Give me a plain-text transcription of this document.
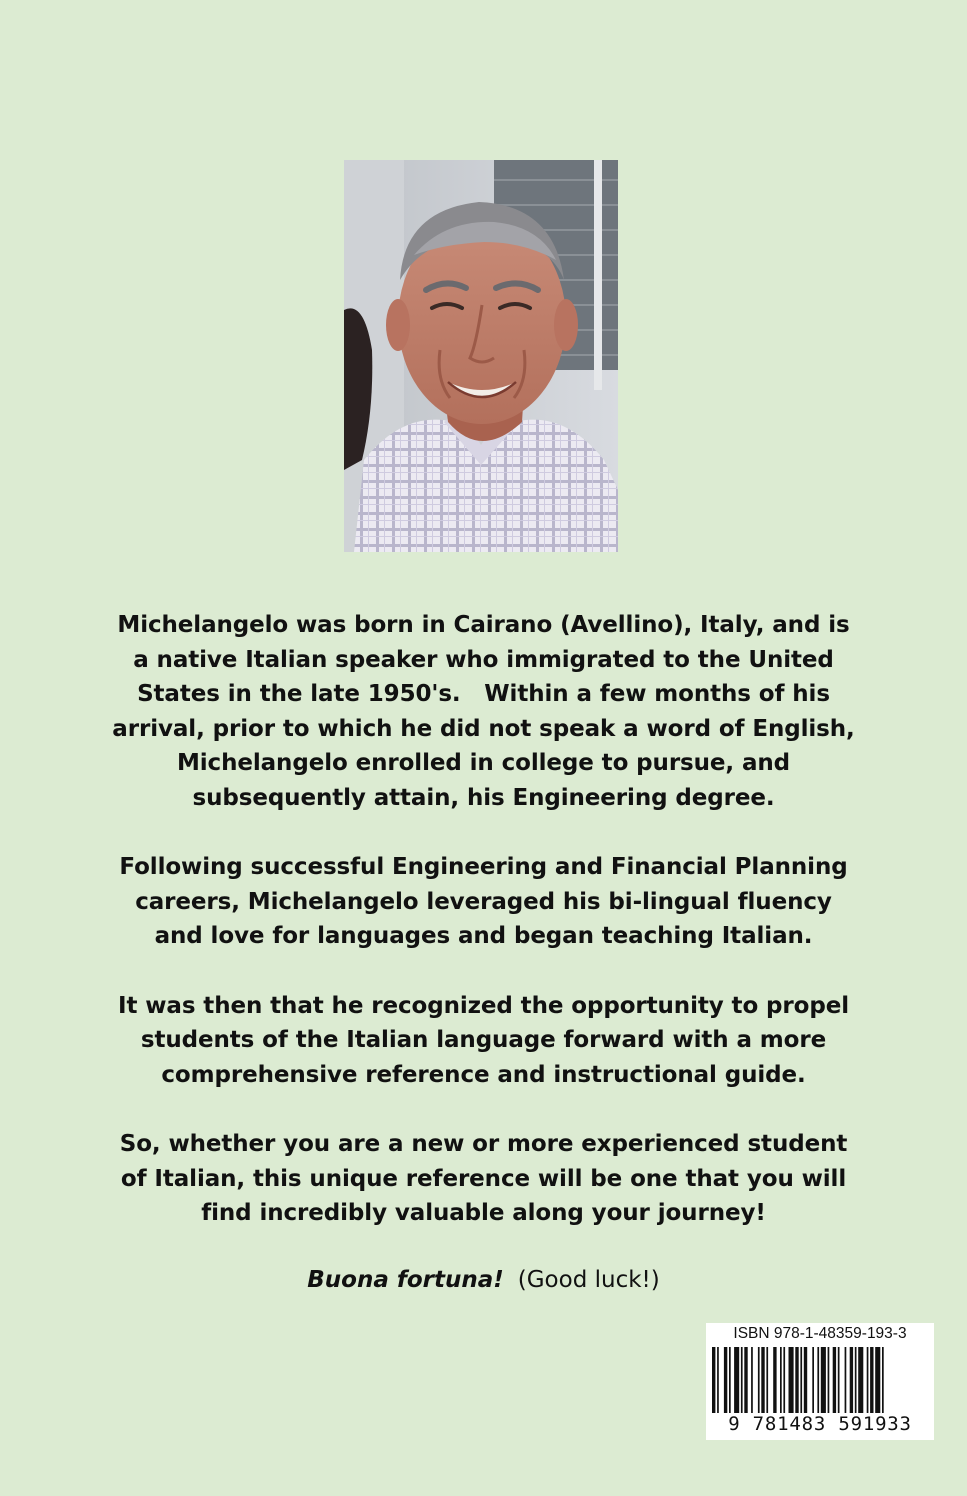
Michelangelo was born in Cairano (Avellino), Italy, and is
a native Italian speaker who immigrated to the United
States in the late 1950's.   Within a few months of his
arrival, prior to which he did not speak a word of English,
Michelangelo enrolled in college to pursue, and
subsequently attain, his Engineering degree.

Following successful Engineering and Financial Planning
careers, Michelangelo leveraged his bi-lingual fluency
and love for languages and began teaching Italian.

It was then that he recognized the opportunity to propel
students of the Italian language forward with a more
comprehensive reference and instructional guide.

So, whether you are a new or more experienced student
of Italian, this unique reference will be one that you will
find incredibly valuable along your journey!

Buona fortuna! (Good luck!)
ISBN 978-1-48359-193-3
9 781483 591933
